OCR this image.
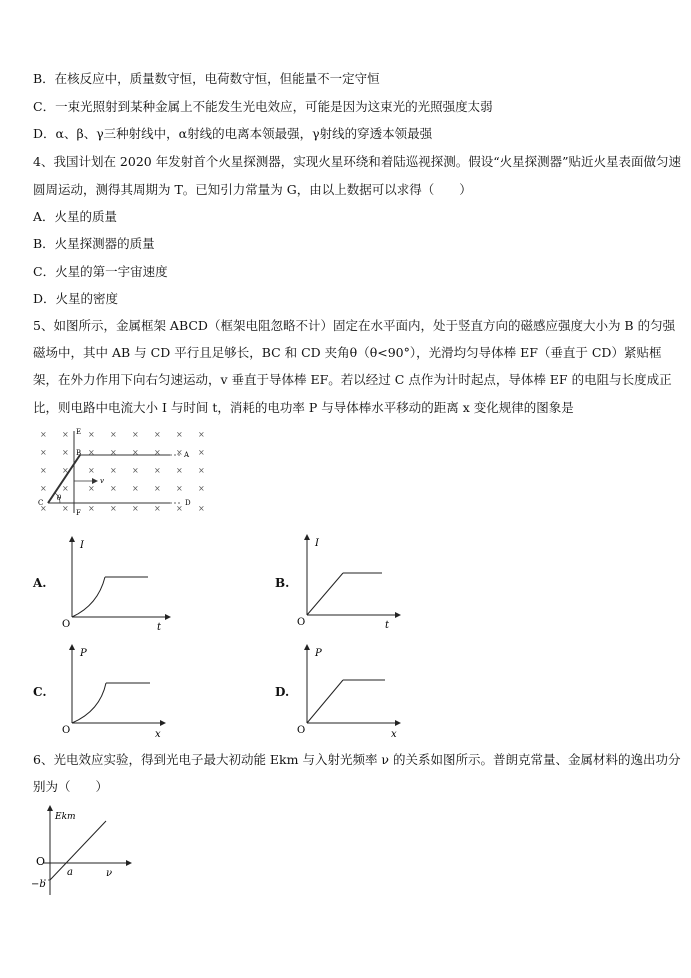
B．在核反应中，质量数守恒，电荷数守恒，但能量不一定守恒
C．一束光照射到某种金属上不能发生光电效应，可能是因为这束光的光照强度太弱
D．α、β、γ三种射线中，α射线的电离本领最强，γ射线的穿透本领最强
4、我国计划在 2020 年发射首个火星探测器，实现火星环绕和着陆巡视探测。假设“火星探测器”贴近火星表面做匀速
圆周运动，测得其周期为 T。已知引力常量为 G，由以上数据可以求得（　　）
A．火星的质量
B．火星探测器的质量
C．火星的第一宇宙速度
D．火星的密度
5、如图所示，金属框架 ABCD（框架电阻忽略不计）固定在水平面内，处于竖直方向的磁感应强度大小为 B 的匀强
磁场中，其中 AB 与 CD 平行且足够长，BC 和 CD 夹角θ（θ<90°），光滑均匀导体棒 EF（垂直于 CD）紧贴框
架，在外力作用下向右匀速运动，v 垂直于导体棒 EF。若以经过 C 点作为计时起点，导体棒 EF 的电阻与长度成正
比，则电路中电流大小 I 与时间 t，消耗的电功率 P 与导体棒水平移动的距离 x 变化规律的图象是
× × × × × × × ×
× × × × × × × ×
× × × × × × × ×
× × × × × × × ×
× × × × × × × ×
E
B	A
C	D
F
v
θ
A.
I
t
O
B.
I
t
O
C.
P
x
O
D.
P
x
O
6、光电效应实验，得到光电子最大初动能 Ekm 与入射光频率 ν 的关系如图所示。普朗克常量、金属材料的逸出功分
别为（　　）
Ekm
ν
O
a
−b
